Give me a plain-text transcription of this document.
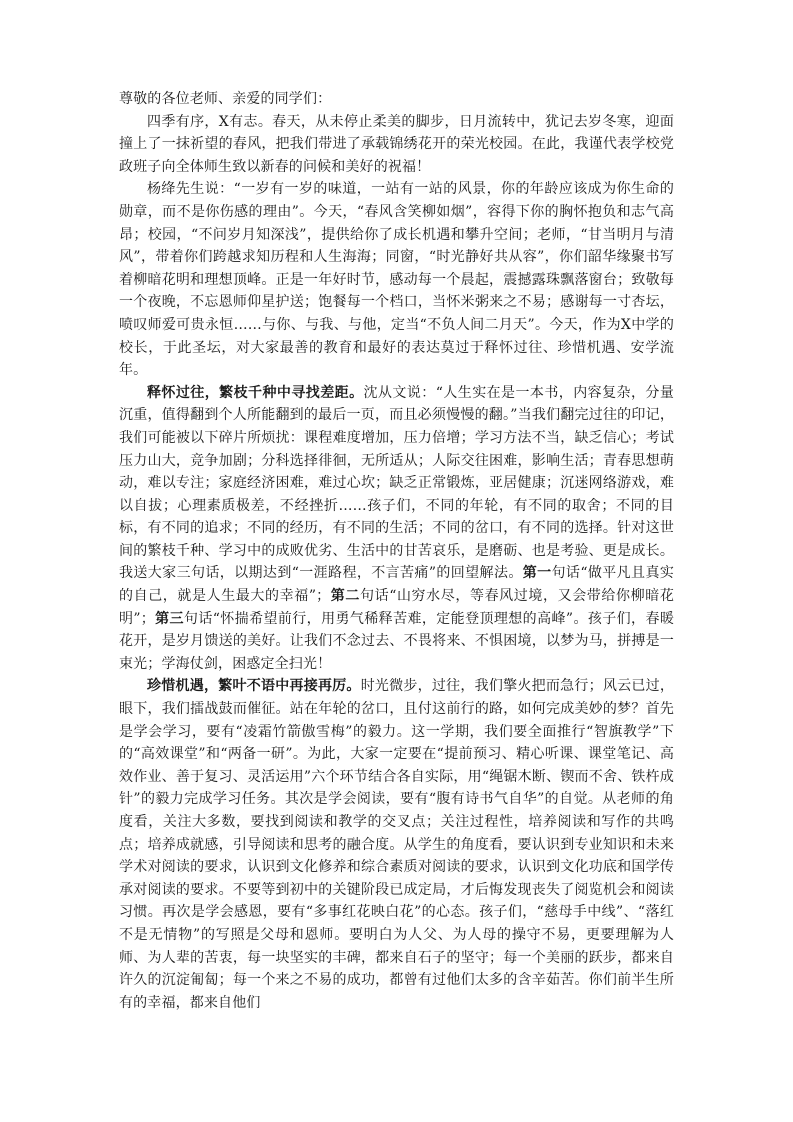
尊敬的各位老师、亲爱的同学们：

四季有序，X有志。春天，从未停止柔美的脚步，日月流转中，犹记去岁冬寒，迎面撞上了一抹祈望的春风，把我们带进了承载锦绣花开的荣光校园。在此，我谨代表学校党政班子向全体师生致以新春的问候和美好的祝福！

杨绛先生说：“一岁有一岁的味道，一站有一站的风景，你的年龄应该成为你生命的勋章，而不是你伤感的理由”。今天，“春风含笑柳如烟”，容得下你的胸怀抱负和志气高昂；校园，“不问岁月知深浅”，提供给你了成长机遇和攀升空间；老师，“甘当明月与清风”，带着你们跨越求知历程和人生海海；同窗，“时光静好共从容”，你们韶华缘聚书写着柳暗花明和理想顶峰。正是一年好时节，感动每一个晨起，震撼露珠飘落窗台；致敬每一个夜晚，不忘恩师仰星护送；饱餐每一个档口，当怀米粥来之不易；感谢每一寸杏坛，喷叹师爱可贵永恒……与你、与我、与他，定当“不负人间二月天”。今天，作为X中学的校长，于此圣坛，对大家最善的教育和最好的表达莫过于释怀过往、珍惜机遇、安学流年。

释怀过往，繁枝千种中寻找差距。沈从文说：“人生实在是一本书，内容复杂，分量沉重，值得翻到个人所能翻到的最后一页，而且必须慢慢的翻。”当我们翻完过往的印记，我们可能被以下碎片所烦扰：课程难度增加，压力倍增；学习方法不当，缺乏信心；考试压力山大，竞争加剧；分科选择徘徊，无所适从；人际交往困难，影响生活；青春思想萌动，难以专注；家庭经济困难，难过心坎；缺乏正常锻炼，亚居健康；沉迷网络游戏，难以自拔；心理素质极差，不经挫折……孩子们，不同的年轮，有不同的取舍；不同的目标，有不同的追求；不同的经历，有不同的生活；不同的岔口，有不同的选择。针对这世间的繁枝千种、学习中的成败优劣、生活中的甘苦哀乐，是磨砺、也是考验、更是成长。我送大家三句话，以期达到“一涯路程，不言苦痛”的回望解法。第一句话“做平凡且真实的自己，就是人生最大的幸福”；第二句话“山穷水尽，等春风过境，又会带给你柳暗花明”；第三句话“怀揣希望前行，用勇气稀释苦难，定能登顶理想的高峰”。孩子们，春暖花开，是岁月馈送的美好。让我们不念过去、不畏将来、不惧困境，以梦为马，拼搏是一束光；学海仗剑，困惑定全扫光！

珍惜机遇，繁叶不语中再接再厉。时光微步，过往，我们擎火把而急行；风云已过，眼下，我们擂战鼓而催征。站在年轮的岔口，且付这前行的路，如何完成美妙的梦？首先是学会学习，要有“凌霜竹箭傲雪梅”的毅力。这一学期，我们要全面推行“智旗教学”下的“高效课堂”和“两备一研”。为此，大家一定要在“提前预习、精心听课、课堂笔记、高效作业、善于复习、灵活运用”六个环节结合各自实际，用“绳锯木断、锲而不舍、铁杵成针”的毅力完成学习任务。其次是学会阅读，要有“腹有诗书气自华”的自觉。从老师的角度看，关注大多数，要找到阅读和教学的交叉点；关注过程性，培养阅读和写作的共鸣点；培养成就感，引导阅读和思考的融合度。从学生的角度看，要认识到专业知识和未来学术对阅读的要求，认识到文化修养和综合素质对阅读的要求，认识到文化功底和国学传承对阅读的要求。不要等到初中的关键阶段已成定局，才后悔发现丧失了阅览机会和阅读习惯。再次是学会感恩，要有“多事红花映白花”的心态。孩子们，“慈母手中线”、“落红不是无情物”的写照是父母和恩师。要明白为人父、为人母的操守不易，更要理解为人师、为人辈的苦衷，每一块坚实的丰碑，都来自石子的坚守；每一个美丽的跃步，都来自许久的沉淀匍匐；每一个来之不易的成功，都曾有过他们太多的含辛茹苦。你们前半生所有的幸福，都来自他们
